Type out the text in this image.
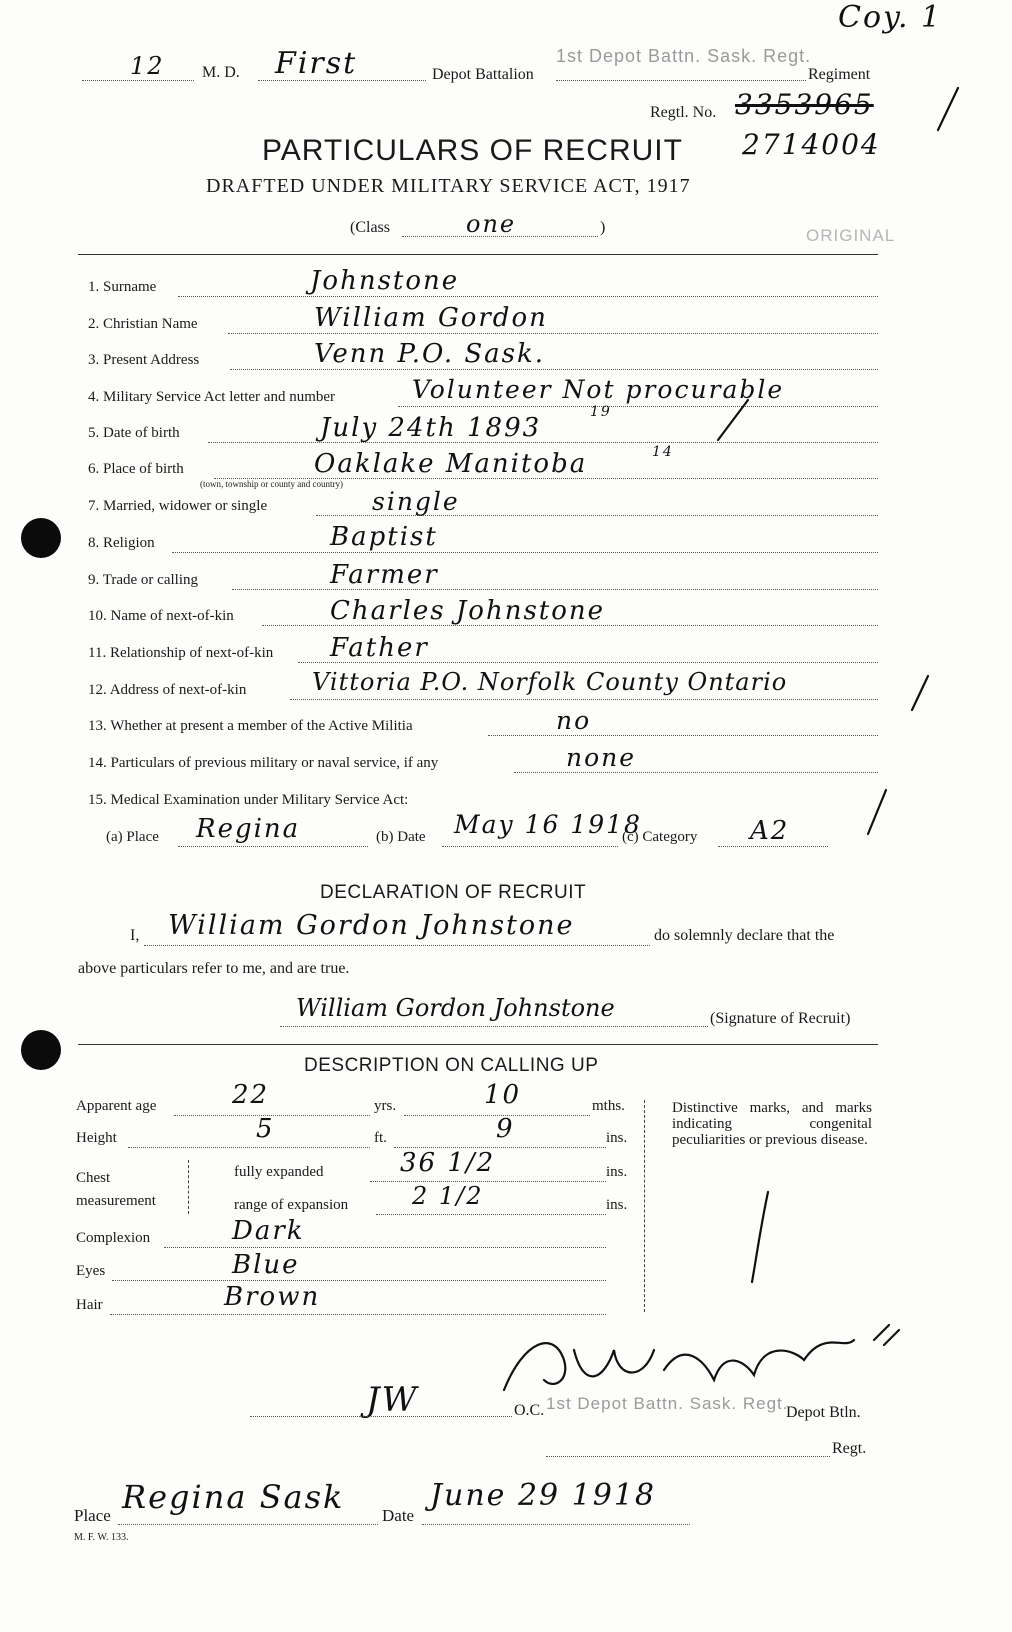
Coy. 1
12 M. D. First	Depot Battalion
1st Depot Battn. Sask. Regt.
Regiment
Regtl. No. 3353965
2714004
PARTICULARS OF RECRUIT
DRAFTED UNDER MILITARY SERVICE ACT, 1917
(Class	one	)	ORIGINAL
1. Surname	Johnstone
2. Christian Name	William Gordon
3. Present Address	Venn P.O. Sask.
4. Military Service Act letter and number	Volunteer Not procurable
5. Date of birth	July 24th 1893
19
6. Place of birth	Oaklake Manitoba	14
(town, township or county and country)
7. Married, widower or single	single
8. Religion	Baptist
9. Trade or calling	Farmer
10. Name of next-of-kin	Charles Johnstone
11. Relationship of next-of-kin Father
12. Address of next-of-kin	Vittoria P.O. Norfolk County Ontario
13. Whether at present a member of the Active Militia	no
14. Particulars of previous military or naval service, if any	none
15. Medical Examination under Military Service Act:
(a) Place Regina	(b) Date May 16 1918
(c) Category A2
DECLARATION OF RECRUIT
I, William Gordon Johnstone	do solemnly declare that the
above particulars refer to me, and are true.
William Gordon Johnstone	(Signature of Recruit)
DESCRIPTION ON CALLING UP
Apparent age	22	yrs.	10	mths.
Height	5	ft.	9	ins.
Chest
measurement
fully expanded	36 1/2	ins.
range of expansion	2 1/2	ins.
Complexion	Dark
Eyes	Blue
Hair	Brown
Distinctive marks, and marks indicating congenital peculiarities or previous disease.
JW	O.C. 1st Depot Battn. Sask. Regt.
Depot Btln.
Regt.
Place Regina Sask Date
June 29 1918
M. F. W. 133.
